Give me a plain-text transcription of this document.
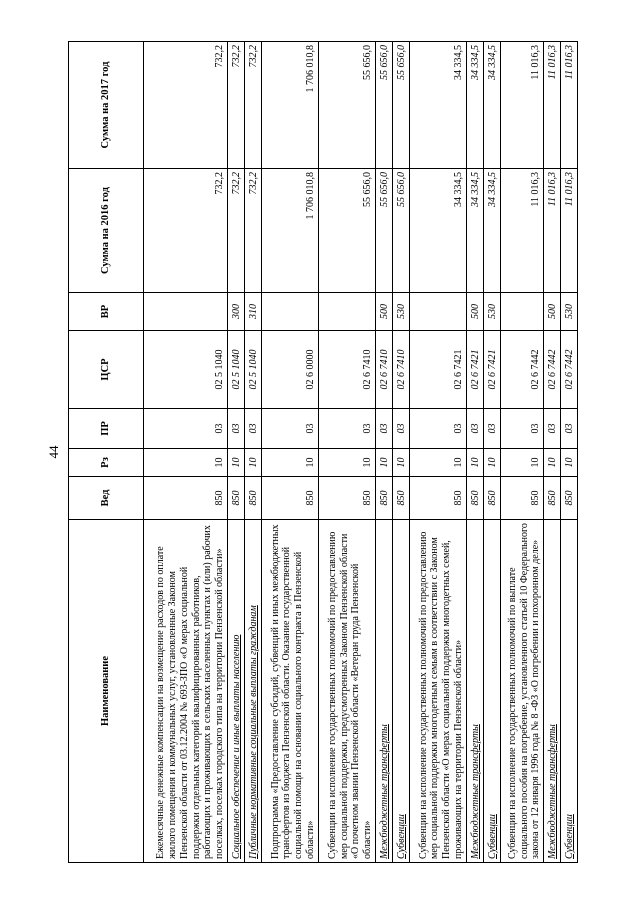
44
Наименование	Вед	Рз	ПР	ЦСР	ВР	Сумма на 2016 год	Сумма на 2017 год
Ежемесячные денежные компенсации на возмещение расходов по оплате жилого помещения и коммунальных услуг, установленные Законом Пензенской области от 03.12.2004 № 693-ЗПО «О мерах социальной поддержки отдельных категорий квалифицированных работников, работающих и проживающих в сельских населенных пунктах и (или) рабочих поселках, поселках городского типа на территории Пензенской области»	850	10	03	02 5 1040		732,2	732,2
Социальное обеспечение и иные выплаты населению	850	10	03	02 5 1040	300	732,2	732,2
Публичные нормативные социальные выплаты гражданам	850	10	03	02 5 1040	310	732,2	732,2
Подпрограмма «Предоставление субсидий, субвенций и иных межбюджетных трансфертов из бюджета Пензенской области. Оказание государственной социальной помощи на основании социального контракта в Пензенской области»	850	10	03	02 6 0000		1 706 010,8	1 706 010,8
Субвенции на исполнение государственных полномочий по предоставлению мер социальной поддержки, предусмотренных Законом Пензенской области «О почетном звании Пензенской области «Ветеран труда Пензенской области»	850	10	03	02 6 7410		55 656,0	55 656,0
Межбюджетные трансферты	850	10	03	02 6 7410	500	55 656,0	55 656,0
Субвенции	850	10	03	02 6 7410	530	55 656,0	55 656,0
Субвенции на исполнение государственных полномочий по предоставлению мер социальной поддержки многодетным семьям в соответствии с Законом Пензенской области «О мерах социальной поддержки многодетных семей, проживающих на территории Пензенской области»	850	10	03	02 6 7421		34 334,5	34 334,5
Межбюджетные трансферты	850	10	03	02 6 7421	500	34 334,5	34 334,5
Субвенции	850	10	03	02 6 7421	530	34 334,5	34 334,5
Субвенции на исполнение государственных полномочий по выплате социального пособия на погребение, установленного статьей 10 Федерального закона от 12 января 1996 года № 8 -ФЗ «О погребении и похоронном деле»	850	10	03	02 6 7442		11 016,3	11 016,3
Межбюджетные трансферты	850	10	03	02 6 7442	500	11 016,3	11 016,3
Субвенции	850	10	03	02 6 7442	530	11 016,3	11 016,3
